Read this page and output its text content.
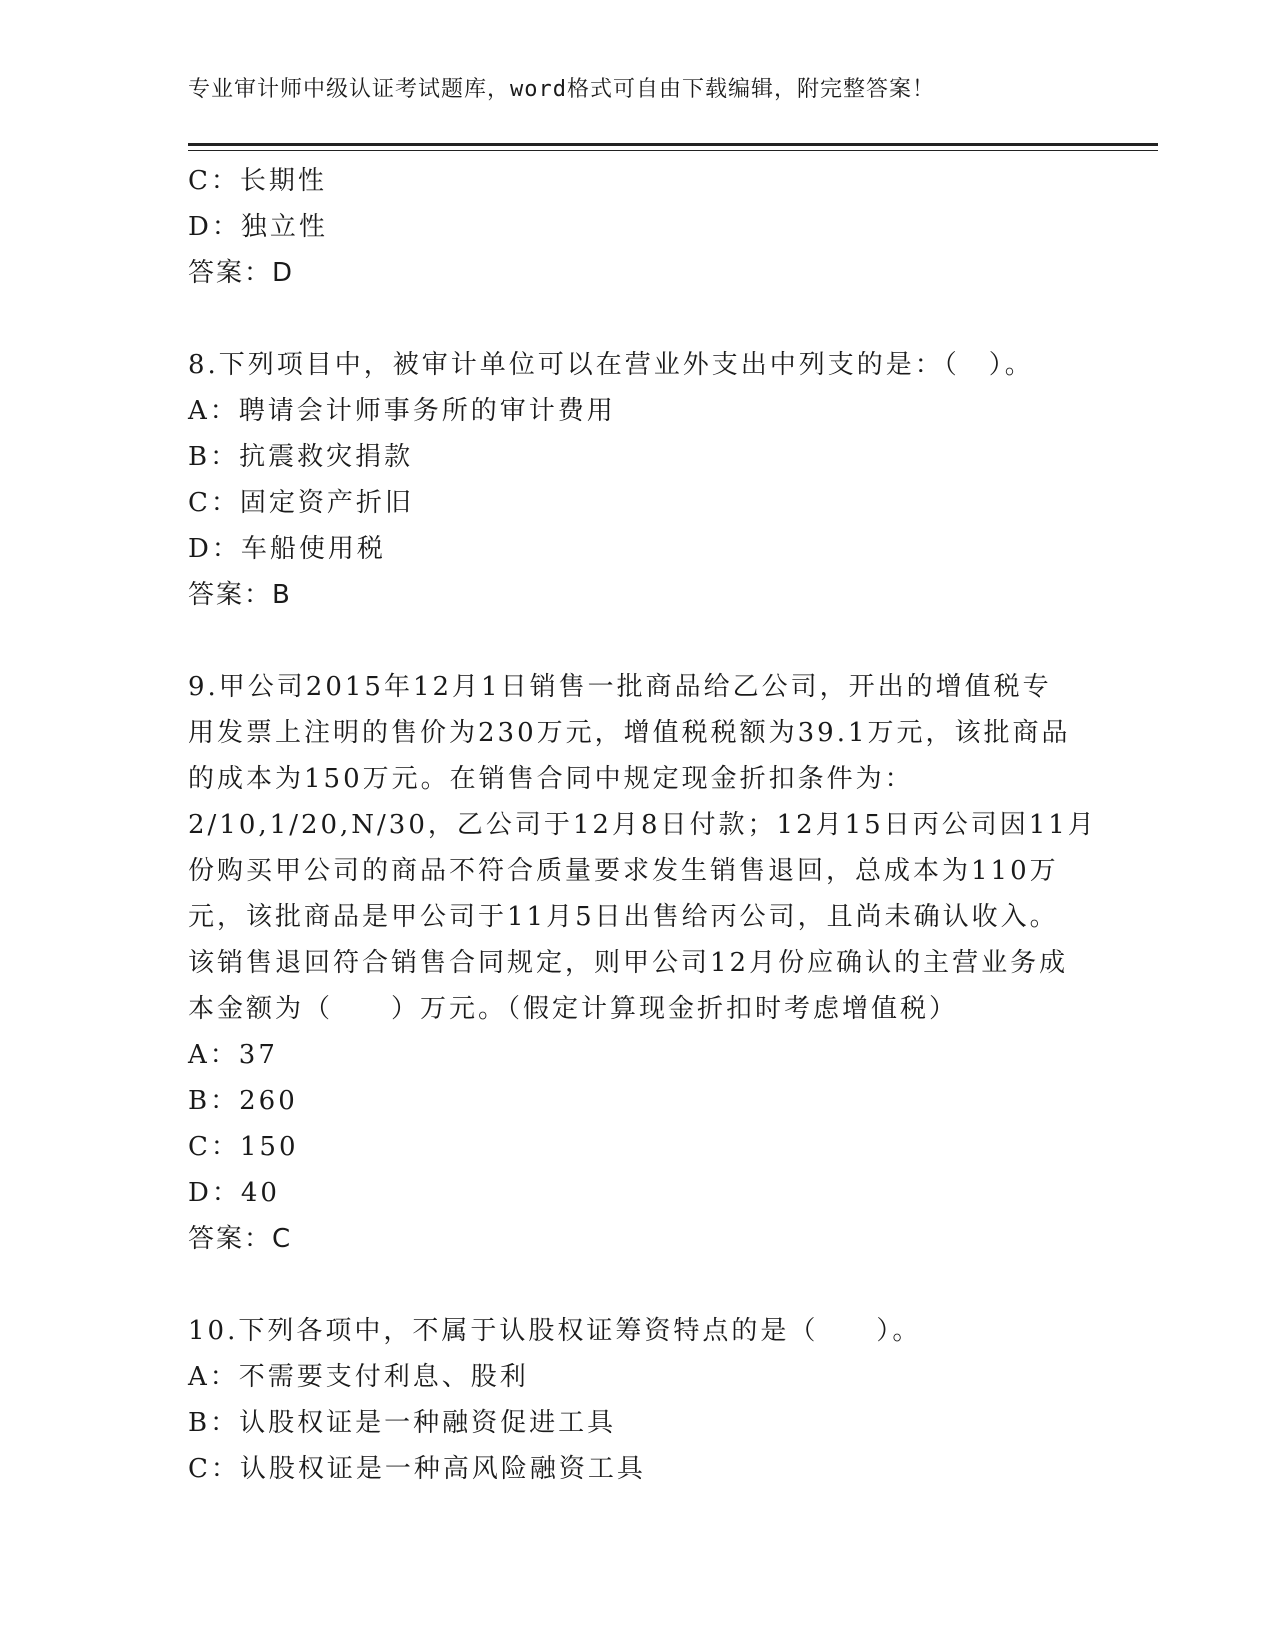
专业审计师中级认证考试题库，word格式可自由下载编辑，附完整答案！
C：长期性
D：独立性
答案：D
8.下列项目中，被审计单位可以在营业外支出中列支的是：（　）。
A：聘请会计师事务所的审计费用
B：抗震救灾捐款
C：固定资产折旧
D：车船使用税
答案：B
9.甲公司2015年12月1日销售一批商品给乙公司，开出的增值税专
用发票上注明的售价为230万元，增值税税额为39.1万元，该批商品
的成本为150万元。在销售合同中规定现金折扣条件为：
2/10,1/20,N/30，乙公司于12月8日付款；12月15日丙公司因11月
份购买甲公司的商品不符合质量要求发生销售退回，总成本为110万
元，该批商品是甲公司于11月5日出售给丙公司，且尚未确认收入。
该销售退回符合销售合同规定，则甲公司12月份应确认的主营业务成
本金额为（　　）万元。（假定计算现金折扣时考虑增值税）
A：37
B：260
C：150
D：40
答案：C
10.下列各项中，不属于认股权证筹资特点的是（　　）。
A：不需要支付利息、股利
B：认股权证是一种融资促进工具
C：认股权证是一种高风险融资工具
